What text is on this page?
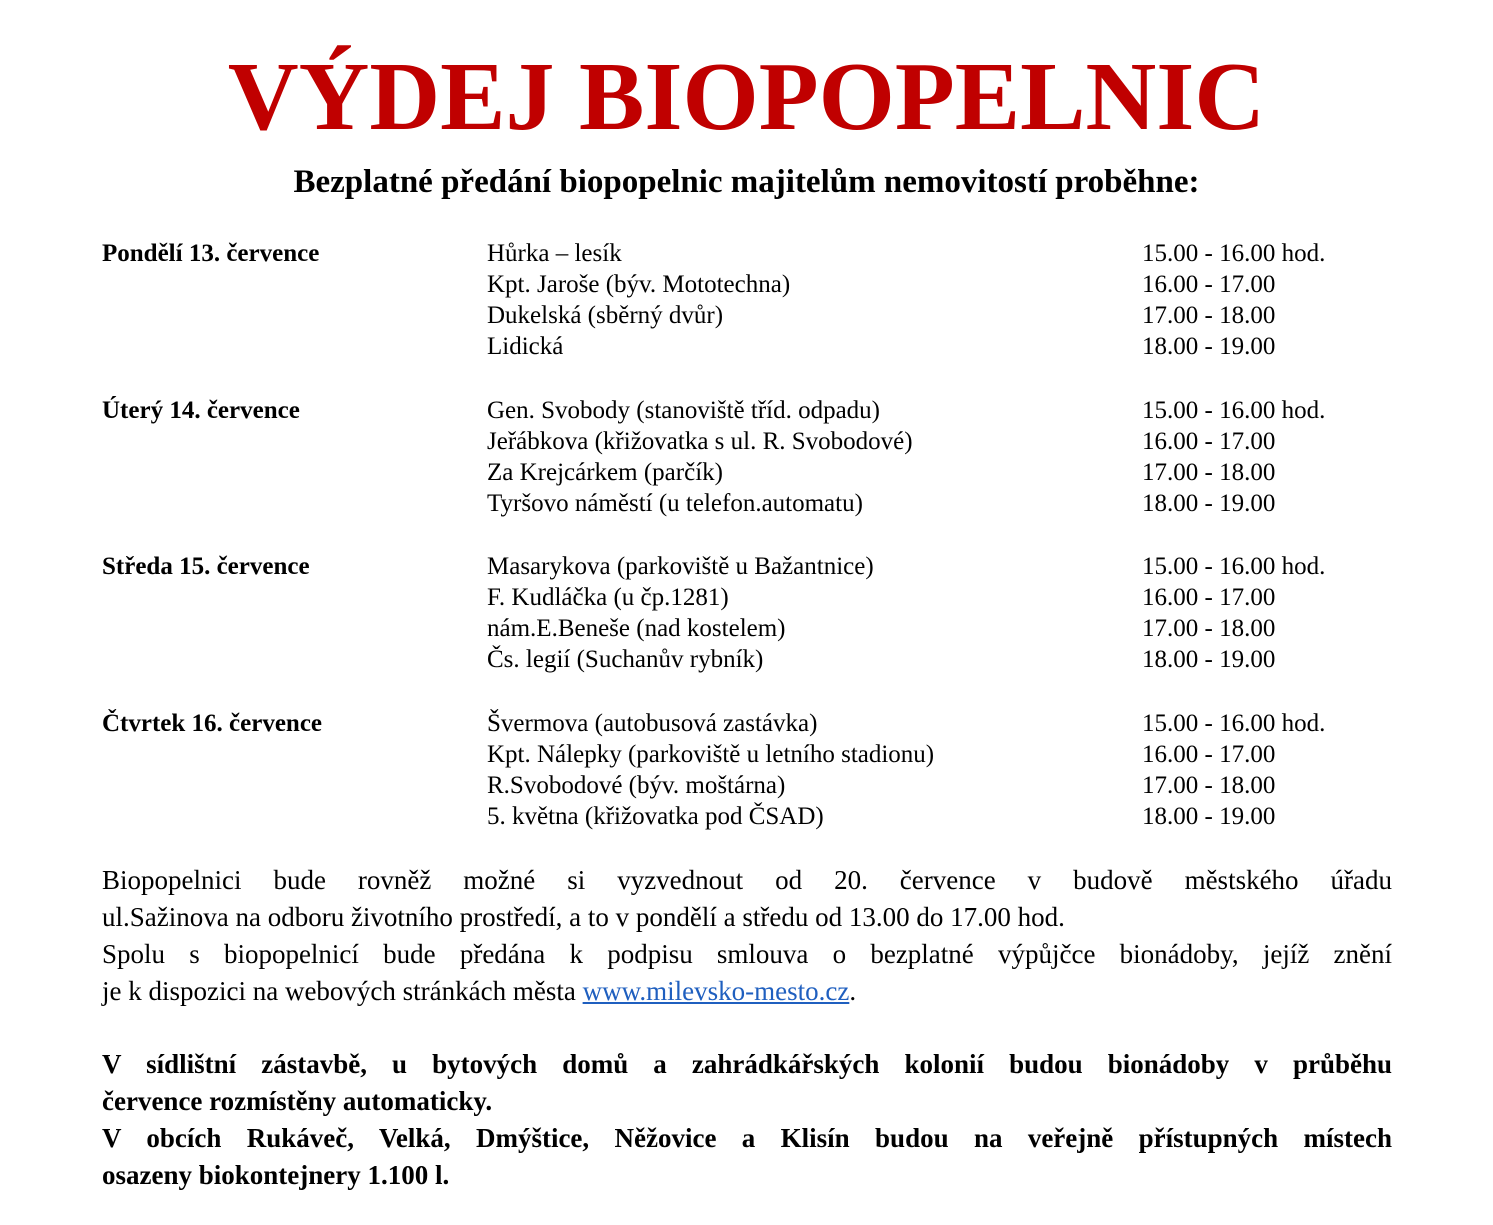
VÝDEJ BIOPOPELNIC
Bezplatné předání biopopelnic majitelům nemovitostí proběhne:
Pondělí 13. července	Hůrka – lesík	15.00 - 16.00 hod.
Kpt. Jaroše (býv. Mototechna)	16.00 - 17.00
Dukelská (sběrný dvůr)	17.00 - 18.00
Lidická	18.00 - 19.00
Úterý 14. července	Gen. Svobody (stanoviště tříd. odpadu)	15.00 - 16.00 hod.
Jeřábkova (křižovatka s ul. R. Svobodové)	16.00 - 17.00
Za Krejcárkem (parčík)	17.00 - 18.00
Tyršovo náměstí (u telefon.automatu)	18.00 - 19.00
Středa 15. července	Masarykova (parkoviště u Bažantnice)	15.00 - 16.00 hod.
F. Kudláčka (u čp.1281)	16.00 - 17.00
nám.E.Beneše (nad kostelem)	17.00 - 18.00
Čs. legií (Suchanův rybník)	18.00 - 19.00
Čtvrtek 16. července	Švermova (autobusová zastávka)	15.00 - 16.00 hod.
Kpt. Nálepky (parkoviště u letního stadionu)	16.00 - 17.00
R.Svobodové (býv. moštárna)	17.00 - 18.00
5. května (křižovatka pod ČSAD)	18.00 - 19.00
Biopopelnici bude rovněž možné si vyzvednout od 20. července v budově městského úřadu
ul.Sažinova na odboru životního prostředí, a to v pondělí a středu od 13.00 do 17.00 hod.
Spolu s biopopelnicí bude předána k podpisu smlouva o bezplatné výpůjčce bionádoby, jejíž znění
je k dispozici na webových stránkách města www.milevsko-mesto.cz.
V sídlištní zástavbě, u bytových domů a zahrádkářských kolonií budou bionádoby v průběhu
července rozmístěny automaticky.
V obcích Rukáveč, Velká, Dmýštice, Něžovice a Klisín budou na veřejně přístupných místech
osazeny biokontejnery 1.100 l.
